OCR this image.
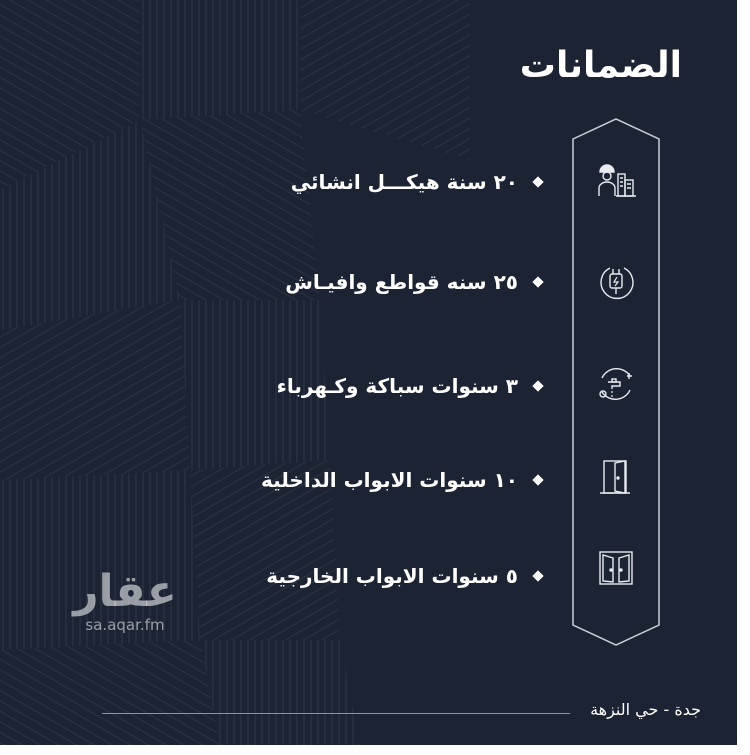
الضمانات
٢٠ سنة هيكـــل انشائي
٢٥ سنه قواطع وافيـاش
٣ سنوات سباكة وكـهرباء
١٠ سنوات الابواب الداخلية
٥ سنوات الابواب الخارجية
عقار
sa.aqar.fm
جدة - حي النزهة
